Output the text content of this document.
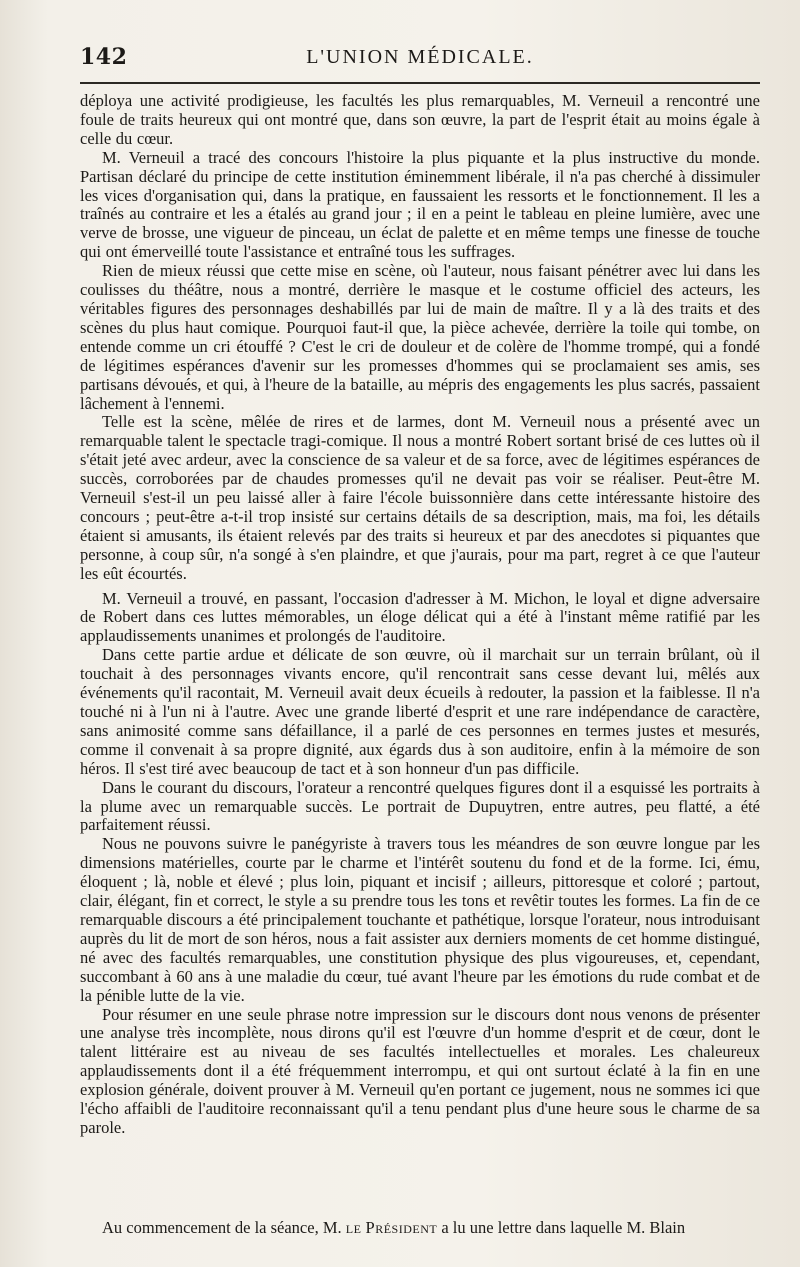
142	L'UNION MÉDICALE.

déploya une activité prodigieuse, les facultés les plus remarquables, M. Verneuil a rencontré une foule de traits heureux qui ont montré que, dans son œuvre, la part de l'esprit était au moins égale à celle du cœur.

M. Verneuil a tracé des concours l'histoire la plus piquante et la plus instructive du monde. Partisan déclaré du principe de cette institution éminemment libérale, il n'a pas cherché à dissimuler les vices d'organisation qui, dans la pratique, en faussaient les ressorts et le fonctionnement. Il les a traînés au contraire et les a étalés au grand jour ; il en a peint le tableau en pleine lumière, avec une verve de brosse, une vigueur de pinceau, un éclat de palette et en même temps une finesse de touche qui ont émerveillé toute l'assistance et entraîné tous les suffrages.

Rien de mieux réussi que cette mise en scène, où l'auteur, nous faisant pénétrer avec lui dans les coulisses du théâtre, nous a montré, derrière le masque et le costume officiel des acteurs, les véritables figures des personnages deshabillés par lui de main de maître. Il y a là des traits et des scènes du plus haut comique. Pourquoi faut-il que, la pièce achevée, derrière la toile qui tombe, on entende comme un cri étouffé ? C'est le cri de douleur et de colère de l'homme trompé, qui a fondé de légitimes espérances d'avenir sur les promesses d'hommes qui se proclamaient ses amis, ses partisans dévoués, et qui, à l'heure de la bataille, au mépris des engagements les plus sacrés, passaient lâchement à l'ennemi.

Telle est la scène, mêlée de rires et de larmes, dont M. Verneuil nous a présenté avec un remarquable talent le spectacle tragi-comique. Il nous a montré Robert sortant brisé de ces luttes où il s'était jeté avec ardeur, avec la conscience de sa valeur et de sa force, avec de légitimes espérances de succès, corroborées par de chaudes promesses qu'il ne devait pas voir se réaliser. Peut-être M. Verneuil s'est-il un peu laissé aller à faire l'école buissonnière dans cette intéressante histoire des concours ; peut-être a-t-il trop insisté sur certains détails de sa description, mais, ma foi, les détails étaient si amusants, ils étaient relevés par des traits si heureux et par des anecdotes si piquantes que personne, à coup sûr, n'a songé à s'en plaindre, et que j'aurais, pour ma part, regret à ce que l'auteur les eût écourtés.

M. Verneuil a trouvé, en passant, l'occasion d'adresser à M. Michon, le loyal et digne adversaire de Robert dans ces luttes mémorables, un éloge délicat qui a été à l'instant même ratifié par les applaudissements unanimes et prolongés de l'auditoire.

Dans cette partie ardue et délicate de son œuvre, où il marchait sur un terrain brûlant, où il touchait à des personnages vivants encore, qu'il rencontrait sans cesse devant lui, mêlés aux événements qu'il racontait, M. Verneuil avait deux écueils à redouter, la passion et la faiblesse. Il n'a touché ni à l'un ni à l'autre. Avec une grande liberté d'esprit et une rare indépendance de caractère, sans animosité comme sans défaillance, il a parlé de ces personnes en termes justes et mesurés, comme il convenait à sa propre dignité, aux égards dus à son auditoire, enfin à la mémoire de son héros. Il s'est tiré avec beaucoup de tact et à son honneur d'un pas difficile.

Dans le courant du discours, l'orateur a rencontré quelques figures dont il a esquissé les portraits à la plume avec un remarquable succès. Le portrait de Dupuytren, entre autres, peu flatté, a été parfaitement réussi.

Nous ne pouvons suivre le panégyriste à travers tous les méandres de son œuvre longue par les dimensions matérielles, courte par le charme et l'intérêt soutenu du fond et de la forme. Ici, ému, éloquent ; là, noble et élevé ; plus loin, piquant et incisif ; ailleurs, pittoresque et coloré ; partout, clair, élégant, fin et correct, le style a su prendre tous les tons et revêtir toutes les formes. La fin de ce remarquable discours a été principalement touchante et pathétique, lorsque l'orateur, nous introduisant auprès du lit de mort de son héros, nous a fait assister aux derniers moments de cet homme distingué, né avec des facultés remarquables, une constitution physique des plus vigoureuses, et, cependant, succombant à 60 ans à une maladie du cœur, tué avant l'heure par les émotions du rude combat et de la pénible lutte de la vie.

Pour résumer en une seule phrase notre impression sur le discours dont nous venons de présenter une analyse très incomplète, nous dirons qu'il est l'œuvre d'un homme d'esprit et de cœur, dont le talent littéraire est au niveau de ses facultés intellectuelles et morales. Les chaleureux applaudissements dont il a été fréquemment interrompu, et qui ont surtout éclaté à la fin en une explosion générale, doivent prouver à M. Verneuil qu'en portant ce jugement, nous ne sommes ici que l'écho affaibli de l'auditoire reconnaissant qu'il a tenu pendant plus d'une heure sous le charme de sa parole.

Au commencement de la séance, M. le Président a lu une lettre dans laquelle M. Blain
